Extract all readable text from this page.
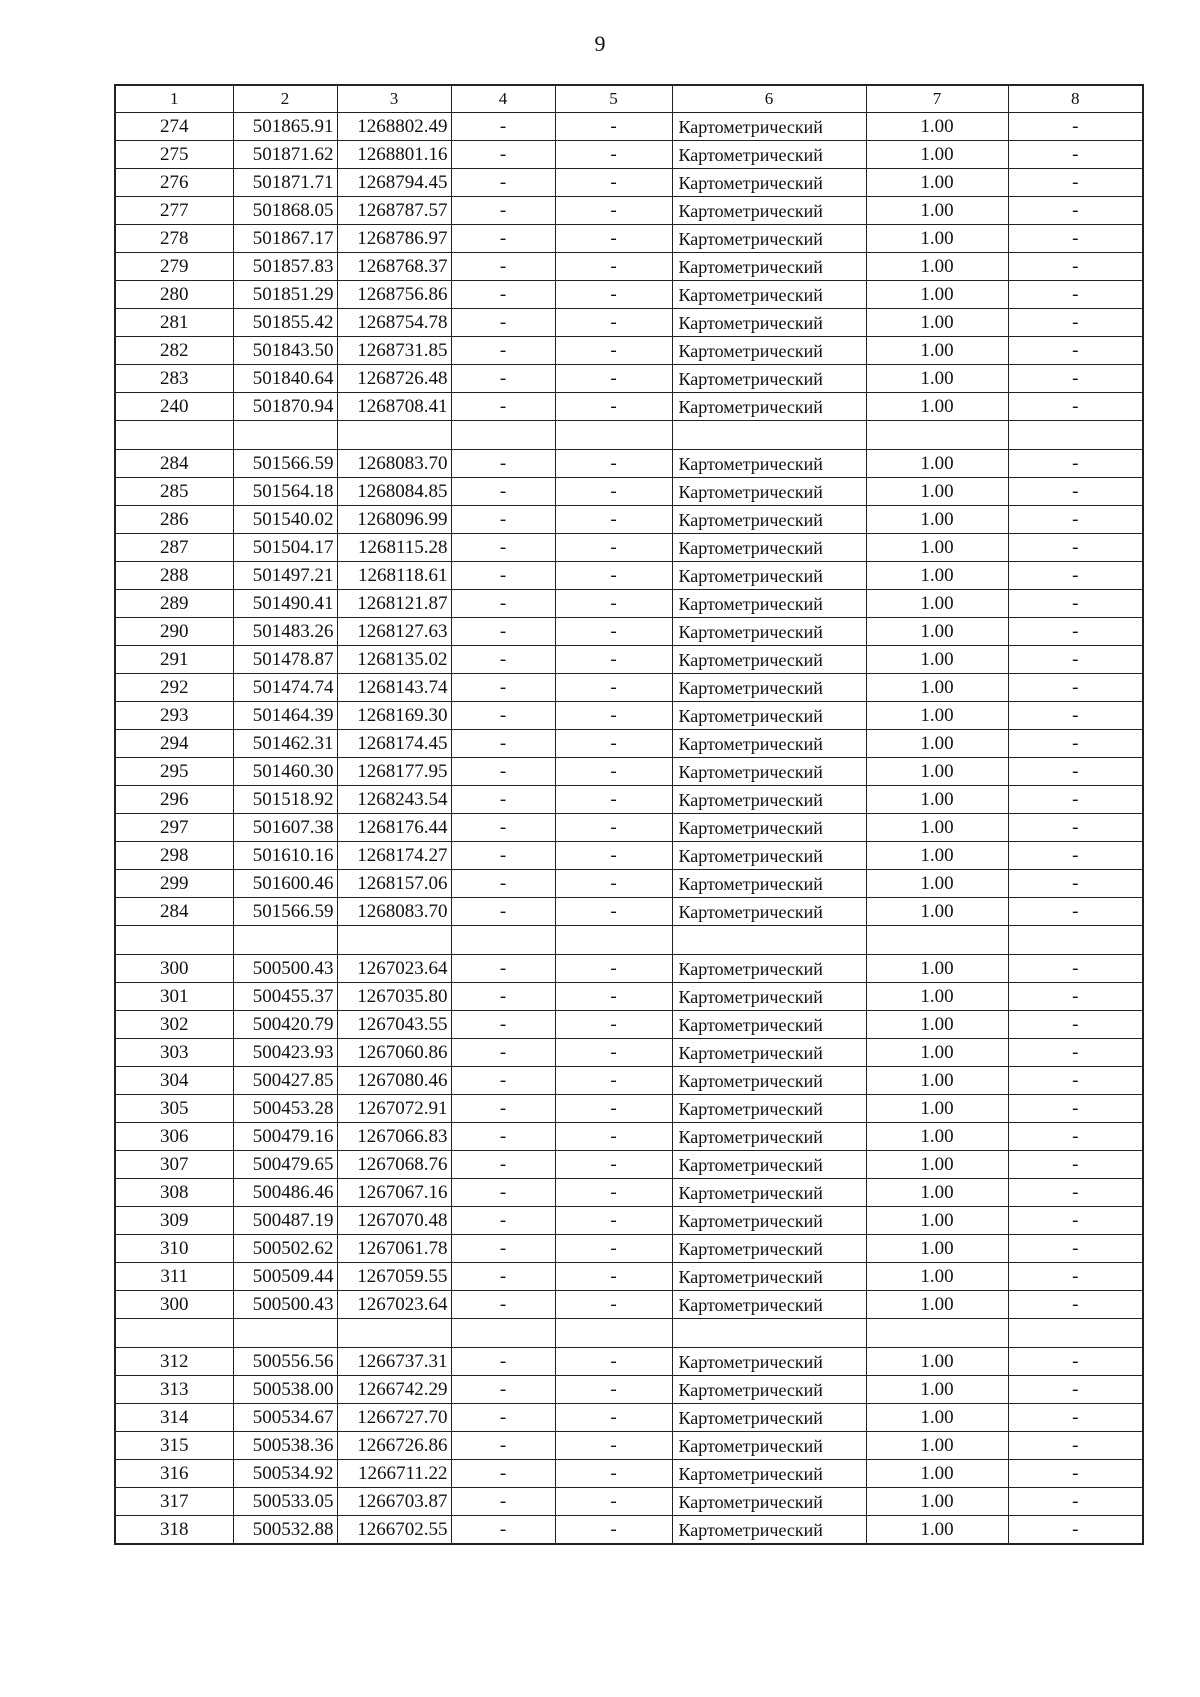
9
1	2	3	4	5	6	7	8
274	501865.91	1268802.49	-	-	Картометрический	1.00	-
275	501871.62	1268801.16	-	-	Картометрический	1.00	-
276	501871.71	1268794.45	-	-	Картометрический	1.00	-
277	501868.05	1268787.57	-	-	Картометрический	1.00	-
278	501867.17	1268786.97	-	-	Картометрический	1.00	-
279	501857.83	1268768.37	-	-	Картометрический	1.00	-
280	501851.29	1268756.86	-	-	Картометрический	1.00	-
281	501855.42	1268754.78	-	-	Картометрический	1.00	-
282	501843.50	1268731.85	-	-	Картометрический	1.00	-
283	501840.64	1268726.48	-	-	Картометрический	1.00	-
240	501870.94	1268708.41	-	-	Картометрический	1.00	-

284	501566.59	1268083.70	-	-	Картометрический	1.00	-
285	501564.18	1268084.85	-	-	Картометрический	1.00	-
286	501540.02	1268096.99	-	-	Картометрический	1.00	-
287	501504.17	1268115.28	-	-	Картометрический	1.00	-
288	501497.21	1268118.61	-	-	Картометрический	1.00	-
289	501490.41	1268121.87	-	-	Картометрический	1.00	-
290	501483.26	1268127.63	-	-	Картометрический	1.00	-
291	501478.87	1268135.02	-	-	Картометрический	1.00	-
292	501474.74	1268143.74	-	-	Картометрический	1.00	-
293	501464.39	1268169.30	-	-	Картометрический	1.00	-
294	501462.31	1268174.45	-	-	Картометрический	1.00	-
295	501460.30	1268177.95	-	-	Картометрический	1.00	-
296	501518.92	1268243.54	-	-	Картометрический	1.00	-
297	501607.38	1268176.44	-	-	Картометрический	1.00	-
298	501610.16	1268174.27	-	-	Картометрический	1.00	-
299	501600.46	1268157.06	-	-	Картометрический	1.00	-
284	501566.59	1268083.70	-	-	Картометрический	1.00	-

300	500500.43	1267023.64	-	-	Картометрический	1.00	-
301	500455.37	1267035.80	-	-	Картометрический	1.00	-
302	500420.79	1267043.55	-	-	Картометрический	1.00	-
303	500423.93	1267060.86	-	-	Картометрический	1.00	-
304	500427.85	1267080.46	-	-	Картометрический	1.00	-
305	500453.28	1267072.91	-	-	Картометрический	1.00	-
306	500479.16	1267066.83	-	-	Картометрический	1.00	-
307	500479.65	1267068.76	-	-	Картометрический	1.00	-
308	500486.46	1267067.16	-	-	Картометрический	1.00	-
309	500487.19	1267070.48	-	-	Картометрический	1.00	-
310	500502.62	1267061.78	-	-	Картометрический	1.00	-
311	500509.44	1267059.55	-	-	Картометрический	1.00	-
300	500500.43	1267023.64	-	-	Картометрический	1.00	-

312	500556.56	1266737.31	-	-	Картометрический	1.00	-
313	500538.00	1266742.29	-	-	Картометрический	1.00	-
314	500534.67	1266727.70	-	-	Картометрический	1.00	-
315	500538.36	1266726.86	-	-	Картометрический	1.00	-
316	500534.92	1266711.22	-	-	Картометрический	1.00	-
317	500533.05	1266703.87	-	-	Картометрический	1.00	-
318	500532.88	1266702.55	-	-	Картометрический	1.00	-
